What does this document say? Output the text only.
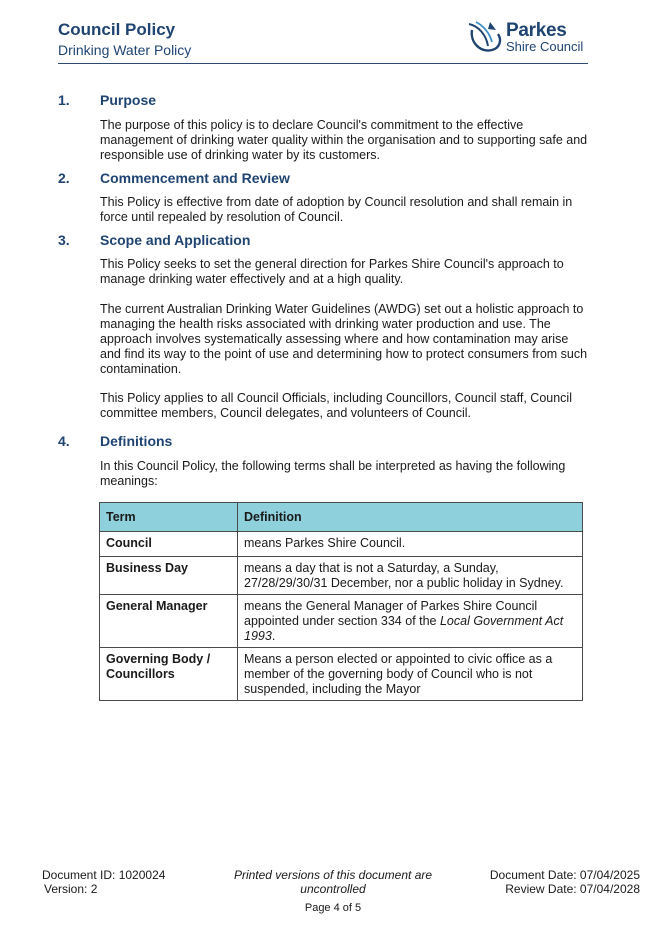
Council Policy
Drinking Water Policy
Parkes
Shire Council
1. Purpose
The purpose of this policy is to declare Council's commitment to the effective management of drinking water quality within the organisation and to supporting safe and responsible use of drinking water by its customers.
2. Commencement and Review
This Policy is effective from date of adoption by Council resolution and shall remain in force until repealed by resolution of Council.
3. Scope and Application
This Policy seeks to set the general direction for Parkes Shire Council's approach to manage drinking water effectively and at a high quality.
The current Australian Drinking Water Guidelines (AWDG) set out a holistic approach to managing the health risks associated with drinking water production and use. The approach involves systematically assessing where and how contamination may arise and find its way to the point of use and determining how to protect consumers from such contamination.
This Policy applies to all Council Officials, including Councillors, Council staff, Council committee members, Council delegates, and volunteers of Council.
4. Definitions
In this Council Policy, the following terms shall be interpreted as having the following meanings:
Term	Definition
Council	means Parkes Shire Council.
Business Day	means a day that is not a Saturday, a Sunday, 27/28/29/30/31 December, nor a public holiday in Sydney.
General Manager	means the General Manager of Parkes Shire Council appointed under section 334 of the Local Government Act 1993.
Governing Body / Councillors	Means a person elected or appointed to civic office as a member of the governing body of Council who is not suspended, including the Mayor
Document ID: 1020024
Version: 2
Printed versions of this document are uncontrolled
Page 4 of 5
Document Date: 07/04/2025
Review Date: 07/04/2028
